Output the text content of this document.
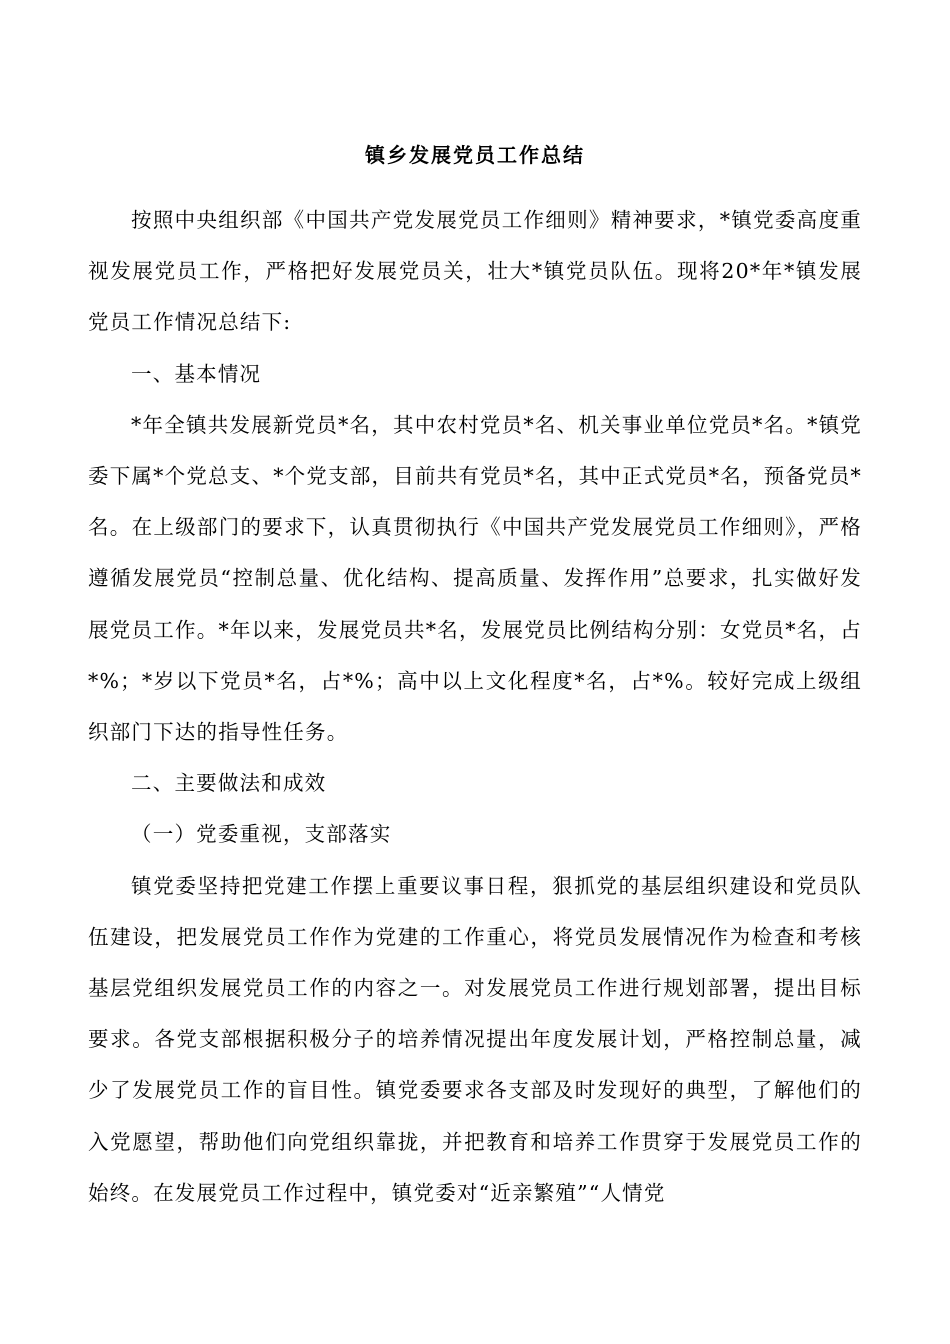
镇乡发展党员工作总结

按照中央组织部《中国共产党发展党员工作细则》精神要求，*镇党委高度重视发展党员工作，严格把好发展党员关，壮大*镇党员队伍。现将20*年*镇发展党员工作情况总结下:

一、基本情况

*年全镇共发展新党员*名，其中农村党员*名、机关事业单位党员*名。*镇党委下属*个党总支、*个党支部，目前共有党员*名，其中正式党员*名，预备党员*名。在上级部门的要求下，认真贯彻执行《中国共产党发展党员工作细则》，严格遵循发展党员“控制总量、优化结构、提高质量、发挥作用”总要求，扎实做好发展党员工作。*年以来，发展党员共*名，发展党员比例结构分别：女党员*名，占*%；*岁以下党员*名，占*%；高中以上文化程度*名，占*%。较好完成上级组织部门下达的指导性任务。

二、主要做法和成效

（一）党委重视，支部落实

镇党委坚持把党建工作摆上重要议事日程，狠抓党的基层组织建设和党员队伍建设，把发展党员工作作为党建的工作重心，将党员发展情况作为检查和考核基层党组织发展党员工作的内容之一。对发展党员工作进行规划部署，提出目标要求。各党支部根据积极分子的培养情况提出年度发展计划，严格控制总量，减少了发展党员工作的盲目性。镇党委要求各支部及时发现好的典型，了解他们的入党愿望，帮助他们向党组织靠拢，并把教育和培养工作贯穿于发展党员工作的始终。在发展党员工作过程中，镇党委对“近亲繁殖”“人情党
